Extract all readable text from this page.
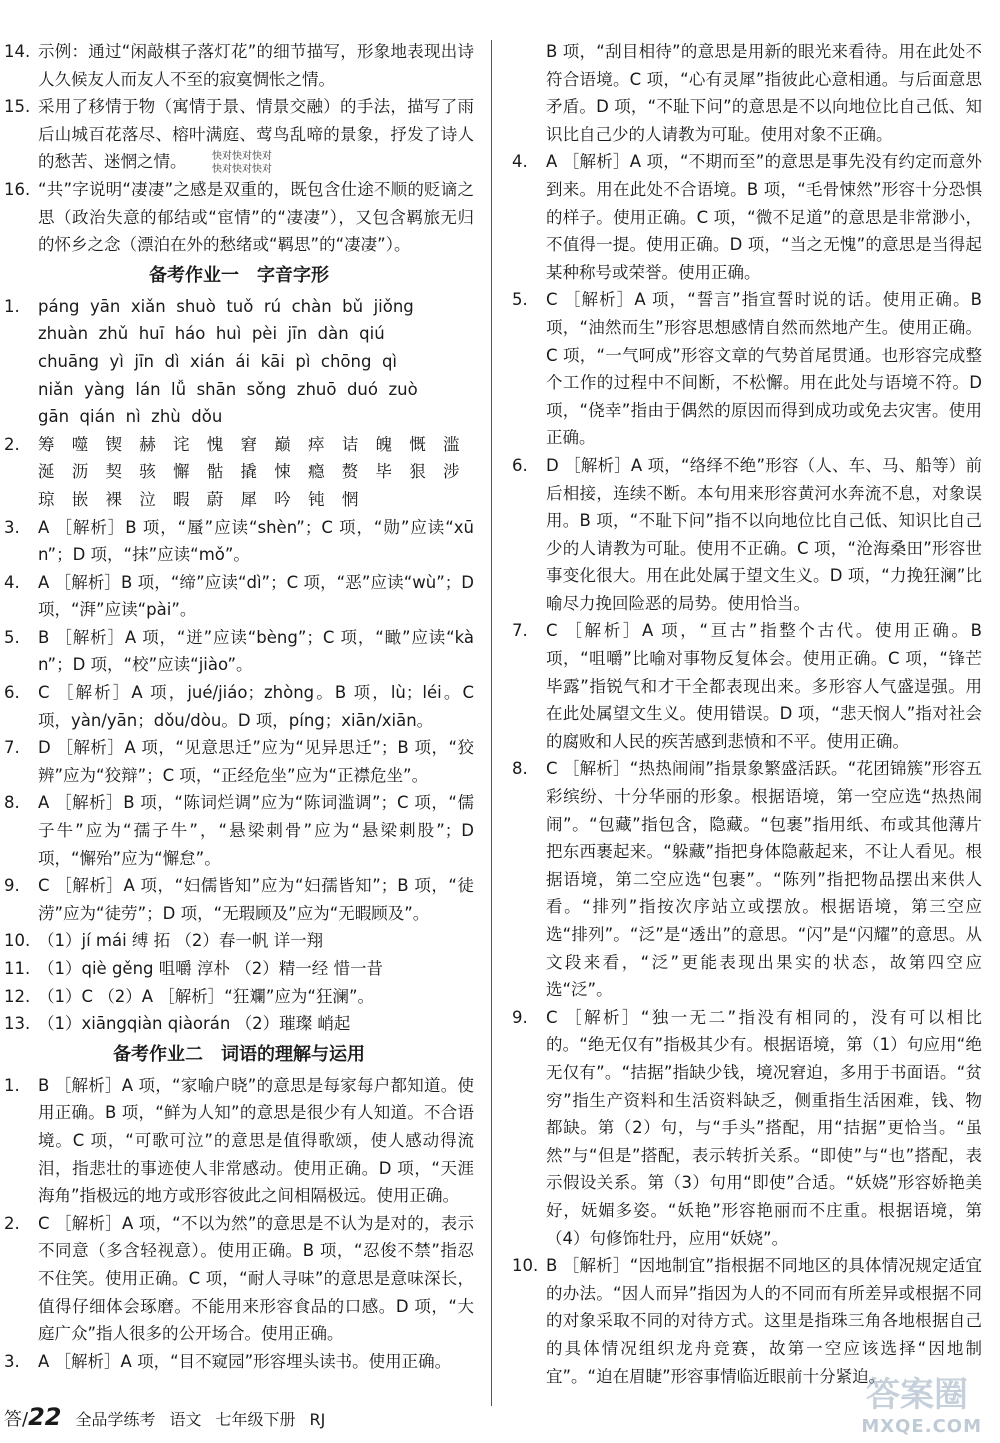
14. 示例：通过“闲敲棋子落灯花”的细节描写，形象地表现出诗人久候友人而友人不至的寂寞惆怅之情。
15. 采用了移情于物（寓情于景、情景交融）的手法，描写了雨后山城百花落尽、榕叶满庭、莺鸟乱啼的景象，抒发了诗人的愁苦、迷惘之情。
16. “共”字说明“凄凄”之感是双重的，既包含仕途不顺的贬谪之思（政治失意的郁结或“宦情”的“凄凄”），又包含羁旅无归的怀乡之念（漂泊在外的愁绪或“羁思”的“凄凄”）。
备考作业一　字音字形
1.	páng  yān  xiǎn  shuò  tuǒ  rú  chàn  bǔ  jiǒng
zhuàn  zhǔ  huī  háo  huì  pèi  jīn  dàn  qiú
chuāng  yì  jīn  dì  xián  ái  kāi  pì  chōng  qì
niǎn  yàng  lán  lǚ  shān  sǒng  zhuō  duó  zuò
gān  qián  nì  zhù  dǒu
2.	筹 噬 锲 赫 诧 愧 窘 巅 瘁 诘 魄 慨 滥
涎 沥 契 骇 懈 骷 撬 悚 瘾 赘 毕 狠 涉
琼 嵌 裸 泣 暇 蔚 犀 吟 钝 惘
3. A ［解析］B 项，“蜃”应读“shèn”；C 项，“勋”应读“xūn”；D 项，“抹”应读“mǒ”。
4. A ［解析］B 项，“缔”应读“dì”；C 项，“恶”应读“wù”；D 项，“湃”应读“pài”。
5. B ［解析］A 项，“迸”应读“bèng”；C 项，“瞰”应读“kàn”；D 项，“校”应读“jiào”。
6. C ［解析］A 项，jué/jiáo；zhòng。B 项，lù；léi。C 项，yàn/yān；dǒu/dòu。D 项，píng；xiān/xiān。
7. D ［解析］A 项，“见意思迁”应为“见异思迁”；B 项，“狡辨”应为“狡辩”；C 项，“正经危坐”应为“正襟危坐”。
8. A ［解析］B 项，“陈词烂调”应为“陈词滥调”；C 项，“儒子牛”应为“孺子牛”，“悬梁刺骨”应为“悬梁刺股”；D 项，“懈殆”应为“懈怠”。
9. C ［解析］A 项，“妇儒皆知”应为“妇孺皆知”；B 项，“徒涝”应为“徒劳”；D 项，“无瑕顾及”应为“无暇顾及”。
10. （1）jí mái 缚 拓 （2）春一帆 详一翔
11. （1）qiè gěng 咀嚼 淳朴 （2）精一经 惜一昔
12. （1）C （2）A ［解析］“狂斕”应为“狂澜”。
13. （1）xiāngqiàn qiàorán （2）璀璨 峭起
备考作业二　词语的理解与运用
1. B ［解析］A 项，“家喻户晓”的意思是每家每户都知道。使用正确。B 项，“鲜为人知”的意思是很少有人知道。不合语境。C 项，“可歌可泣”的意思是值得歌颂，使人感动得流泪，指悲壮的事迹使人非常感动。使用正确。D 项，“天涯海角”指极远的地方或形容彼此之间相隔极远。使用正确。
2. C ［解析］A 项，“不以为然”的意思是不认为是对的，表示不同意（多含轻视意）。使用正确。B 项，“忍俊不禁”指忍不住笑。使用正确。C 项，“耐人寻味”的意思是意味深长，值得仔细体会琢磨。不能用来形容食品的口感。D 项，“大庭广众”指人很多的公开场合。使用正确。
3. A ［解析］A 项，“目不窥园”形容埋头读书。使用正确。
B 项，“刮目相待”的意思是用新的眼光来看待。用在此处不符合语境。C 项，“心有灵犀”指彼此心意相通。与后面意思矛盾。D 项，“不耻下问”的意思是不以向地位比自己低、知识比自己少的人请教为可耻。使用对象不正确。
4. A ［解析］A 项，“不期而至”的意思是事先没有约定而意外到来。用在此处不合语境。B 项，“毛骨悚然”形容十分恐惧的样子。使用正确。C 项，“微不足道”的意思是非常渺小，不值得一提。使用正确。D 项，“当之无愧”的意思是当得起某种称号或荣誉。使用正确。
5. C ［解析］A 项，“誓言”指宣誓时说的话。使用正确。B 项，“油然而生”形容思想感情自然而然地产生。使用正确。C 项，“一气呵成”形容文章的气势首尾贯通。也形容完成整个工作的过程中不间断，不松懈。用在此处与语境不符。D 项，“侥幸”指由于偶然的原因而得到成功或免去灾害。使用正确。
6. D ［解析］A 项，“络绎不绝”形容（人、车、马、船等）前后相接，连续不断。本句用来形容黄河水奔流不息，对象误用。B 项，“不耻下问”指不以向地位比自己低、知识比自己少的人请教为可耻。使用不正确。C 项，“沧海桑田”形容世事变化很大。用在此处属于望文生义。D 项，“力挽狂澜”比喻尽力挽回险恶的局势。使用恰当。
7. C ［解析］A 项，“亘古”指整个古代。使用正确。B 项，“咀嚼”比喻对事物反复体会。使用正确。C 项，“锋芒毕露”指锐气和才干全都表现出来。多形容人气盛逞强。用在此处属望文生义。使用错误。D 项，“悲天悯人”指对社会的腐败和人民的疾苦感到悲愤和不平。使用正确。
8. C ［解析］“热热闹闹”指景象繁盛活跃。“花团锦簇”形容五彩缤纷、十分华丽的形象。根据语境，第一空应选“热热闹闹”。“包藏”指包含，隐藏。“包裹”指用纸、布或其他薄片把东西裹起来。“躲藏”指把身体隐蔽起来，不让人看见。根据语境，第二空应选“包裹”。“陈列”指把物品摆出来供人看。“排列”指按次序站立或摆放。根据语境，第三空应选“排列”。“泛”是“透出”的意思。“闪”是“闪耀”的意思。从文段来看，“泛”更能表现出果实的状态，故第四空应选“泛”。
9. C ［解析］“独一无二”指没有相同的，没有可以相比的。“绝无仅有”指极其少有。根据语境，第（1）句应用“绝无仅有”。“拮据”指缺少钱，境况窘迫，多用于书面语。“贫穷”指生产资料和生活资料缺乏，侧重指生活困难，钱、物都缺。第（2）句，与“手头”搭配，用“拮据”更恰当。“虽然”与“但是”搭配，表示转折关系。“即使”与“也”搭配，表示假设关系。第（3）句用“即使”合适。“妖娆”形容娇艳美好，妩媚多姿。“妖艳”形容艳丽而不庄重。根据语境，第（4）句修饰牡丹，应用“妖娆”。
10. B ［解析］“因地制宜”指根据不同地区的具体情况规定适宜的办法。“因人而异”指因为人的不同而有所差异或根据不同的对象采取不同的对待方式。这里是指珠三角各地根据自己的具体情况组织龙舟竞赛，故第一空应该选择“因地制宜”。“迫在眉睫”形容事情临近眼前十分紧迫。
快对快对快对
快对快对快对
答/ 22 全品学练考 语文 七年级下册 RJ
答案圈
MXQE.COM
